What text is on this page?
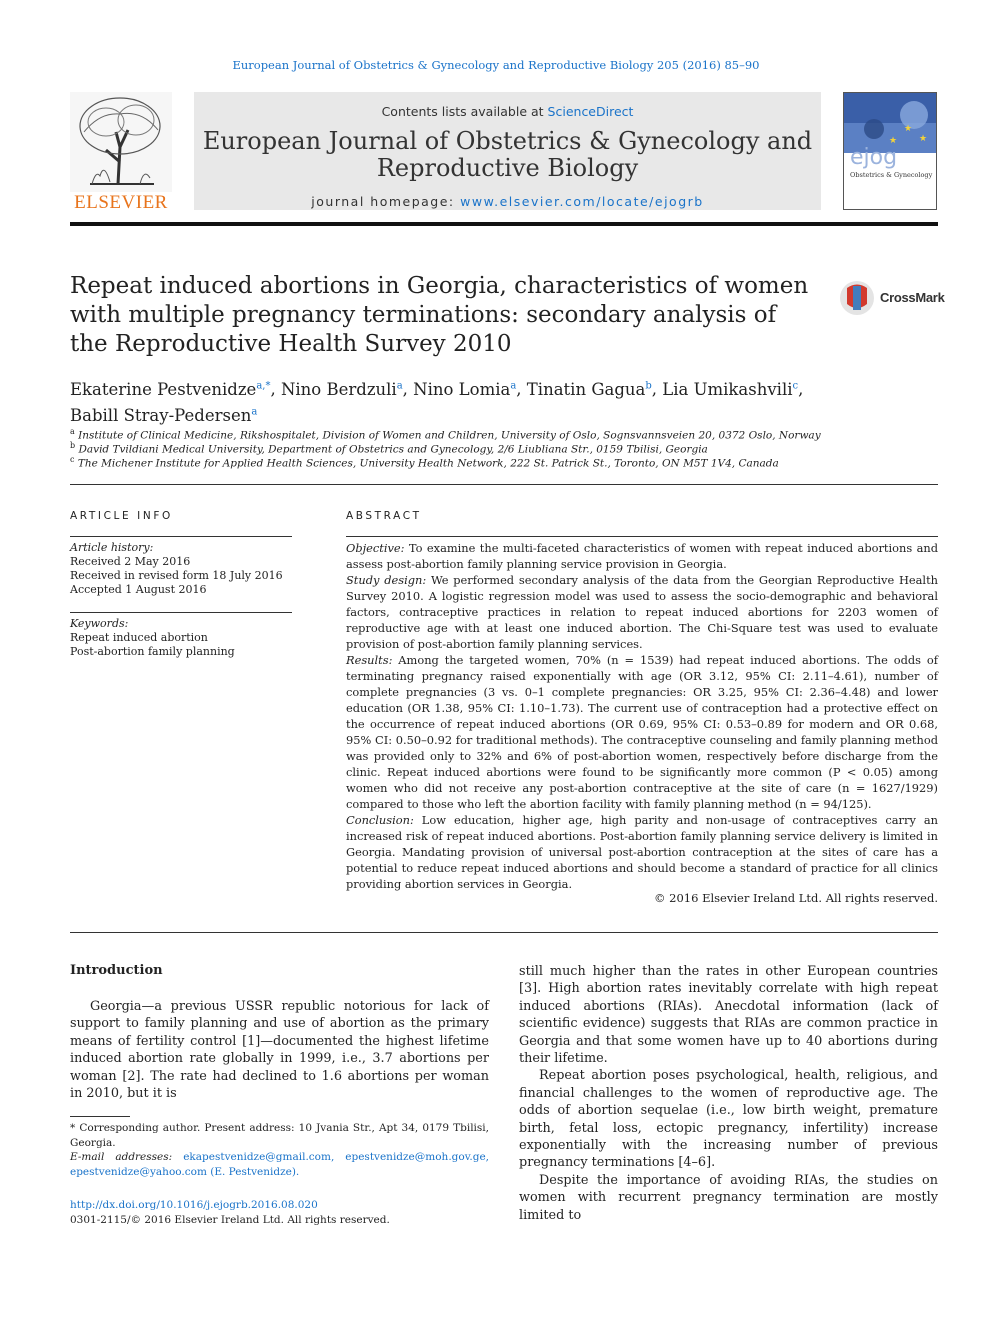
European Journal of Obstetrics & Gynecology and Reproductive Biology 205 (2016) 85–90
ELSEVIER
Contents lists available at ScienceDirect
European Journal of Obstetrics & Gynecology and
Reproductive Biology
journal homepage: www.elsevier.com/locate/ejogrb
★
★
★
ejog
Obstetrics & Gynecology
Repeat induced abortions in Georgia, characteristics of women with multiple pregnancy terminations: secondary analysis of the Reproductive Health Survey 2010
CrossMark
Ekaterine Pestvenidze$^{a,*}$, Nino Berdzuli$^a$, Nino Lomia$^a$, Tinatin Gagua$^b$, Lia Umikashvili$^c$,
Babill Stray-Pedersen$^a$
$^a$ Institute of Clinical Medicine, Rikshospitalet, Division of Women and Children, University of Oslo, Sognsvannsveien 20, 0372 Oslo, Norway
$^b$ David Tvildiani Medical University, Department of Obstetrics and Gynecology, 2/6 Liubliana Str., 0159 Tbilisi, Georgia
$^c$ The Michener Institute for Applied Health Sciences, University Health Network, 222 St. Patrick St., Toronto, ON M5T 1V4, Canada
ARTICLE INFO
Article history:
Received 2 May 2016
Received in revised form 18 July 2016
Accepted 1 August 2016
Keywords:
Repeat induced abortion
Post-abortion family planning
ABSTRACT

Objective: To examine the multi-faceted characteristics of women with repeat induced abortions and assess post-abortion family planning service provision in Georgia.

Study design: We performed secondary analysis of the data from the Georgian Reproductive Health Survey 2010. A logistic regression model was used to assess the socio-demographic and behavioral factors, contraceptive practices in relation to repeat induced abortions for 2203 women of reproductive age with at least one induced abortion. The Chi-Square test was used to evaluate provision of post-abortion family planning services.

Results: Among the targeted women, 70% (n = 1539) had repeat induced abortions. The odds of terminating pregnancy raised exponentially with age (OR 3.12, 95% CI: 2.11–4.61), number of complete pregnancies (3 vs. 0–1 complete pregnancies: OR 3.25, 95% CI: 2.36–4.48) and lower education (OR 1.38, 95% CI: 1.10–1.73). The current use of contraception had a protective effect on the occurrence of repeat induced abortions (OR 0.69, 95% CI: 0.53–0.89 for modern and OR 0.68, 95% CI: 0.50–0.92 for traditional methods). The contraceptive counseling and family planning method was provided only to 32% and 6% of post-abortion women, respectively before discharge from the clinic. Repeat induced abortions were found to be significantly more common (P < 0.05) among women who did not receive any post-abortion contraceptive at the site of care (n = 1627/1929) compared to those who left the abortion facility with family planning method (n = 94/125).

Conclusion: Low education, higher age, high parity and non-usage of contraceptives carry an increased risk of repeat induced abortions. Post-abortion family planning service delivery is limited in Georgia. Mandating provision of universal post-abortion contraception at the sites of care has a potential to reduce repeat induced abortions and should become a standard of practice for all clinics providing abortion services in Georgia.

© 2016 Elsevier Ireland Ltd. All rights reserved.
Introduction

Georgia—a previous USSR republic notorious for lack of support to family planning and use of abortion as the primary means of fertility control [1]—documented the highest lifetime induced abortion rate globally in 1999, i.e., 3.7 abortions per woman [2]. The rate had declined to 1.6 abortions per woman in 2010, but it is

still much higher than the rates in other European countries [3]. High abortion rates inevitably correlate with high repeat induced abortions (RIAs). Anecdotal information (lack of scientific evidence) suggests that RIAs are common practice in Georgia and that some women have up to 40 abortions during their lifetime.

Repeat abortion poses psychological, health, religious, and financial challenges to the women of reproductive age. The odds of abortion sequelae (i.e., low birth weight, premature birth, fetal loss, ectopic pregnancy, infertility) increase exponentially with the increasing number of previous pregnancy terminations [4–6].

Despite the importance of avoiding RIAs, the studies on women with recurrent pregnancy termination are mostly limited to

* Corresponding author. Present address: 10 Jvania Str., Apt 34, 0179 Tbilisi, Georgia.
E-mail addresses: ekapestvenidze@gmail.com, epestvenidze@moh.gov.ge, epestvenidze@yahoo.com (E. Pestvenidze).
http://dx.doi.org/10.1016/j.ejogrb.2016.08.020
0301-2115/© 2016 Elsevier Ireland Ltd. All rights reserved.
